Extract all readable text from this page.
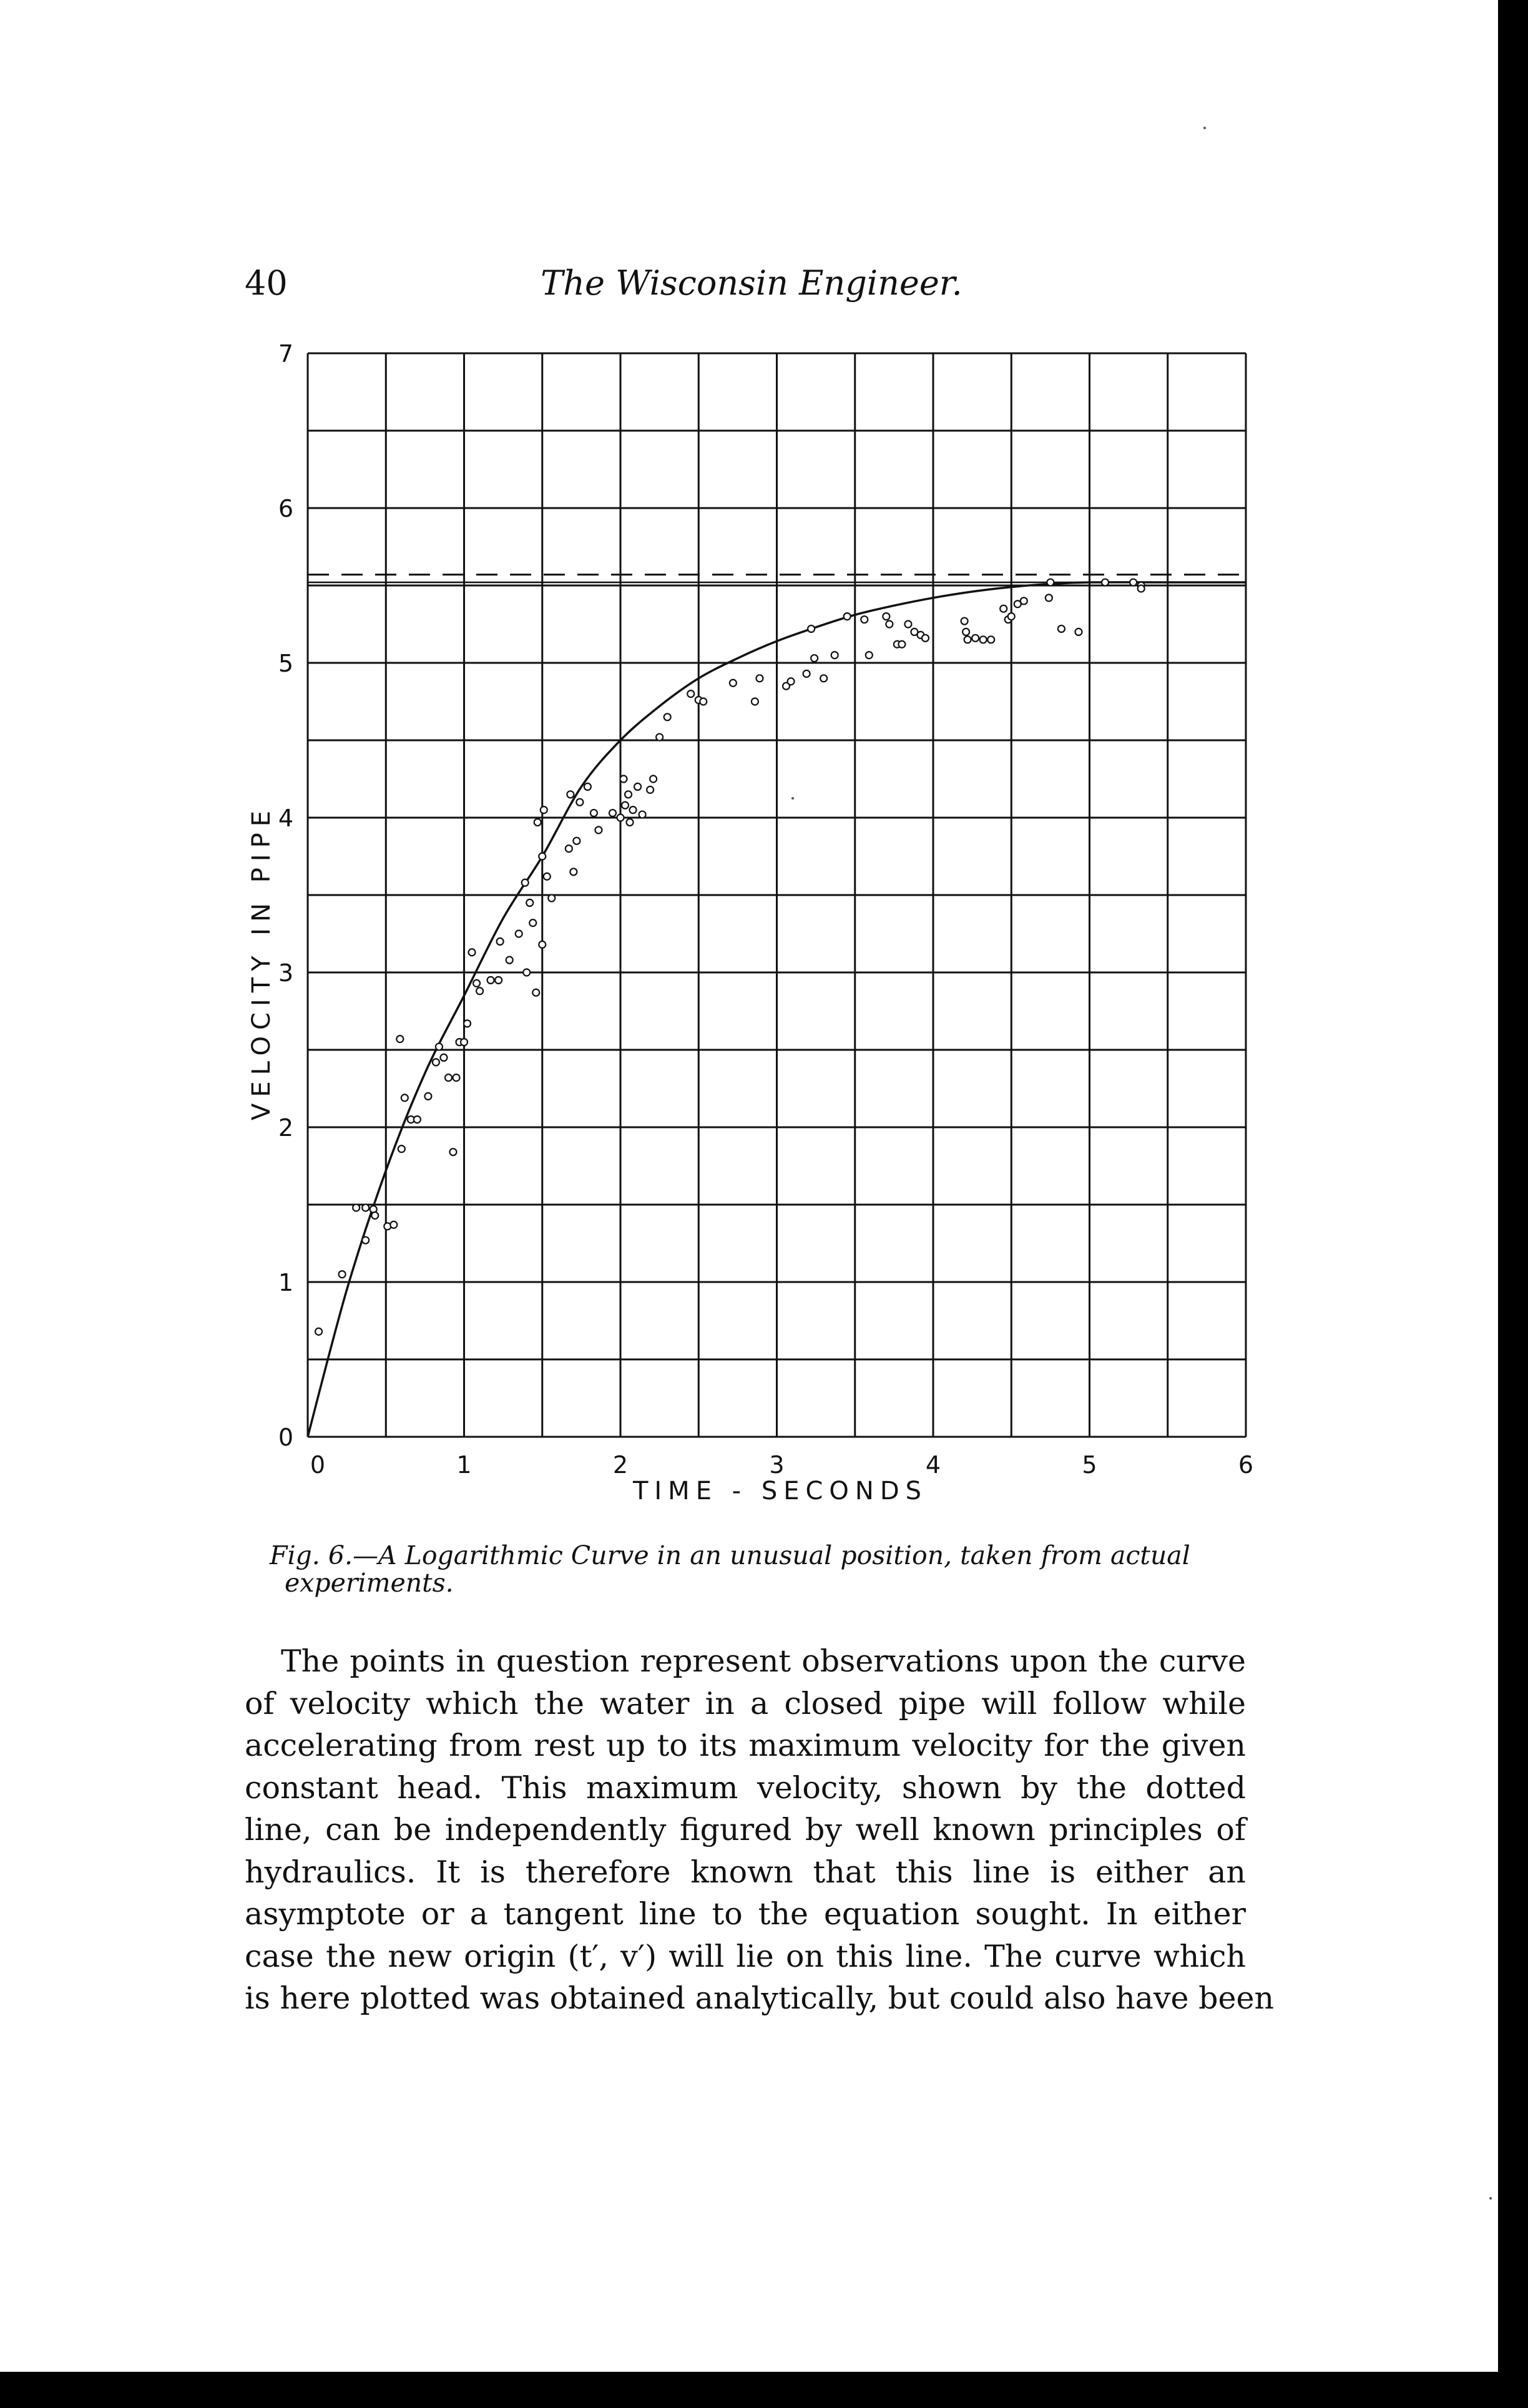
40	The Wisconsin Engineer.
0
1
2
3
4
5
6
7
0	1	2	3	4	5	6
VELOCITY IN PIPE
TIME - SECONDS
Fig. 6.—A Logarithmic Curve in an unusual position, taken from actual
experiments.
The points in question represent observations upon the curve
of velocity which the water in a closed pipe will follow while
accelerating from rest up to its maximum velocity for the given
constant head. This maximum velocity, shown by the dotted
line, can be independently figured by well known principles of
hydraulics. It is therefore known that this line is either an
asymptote or a tangent line to the equation sought. In either
case the new origin (t′, v′) will lie on this line. The curve which
is here plotted was obtained analytically, but could also have been
